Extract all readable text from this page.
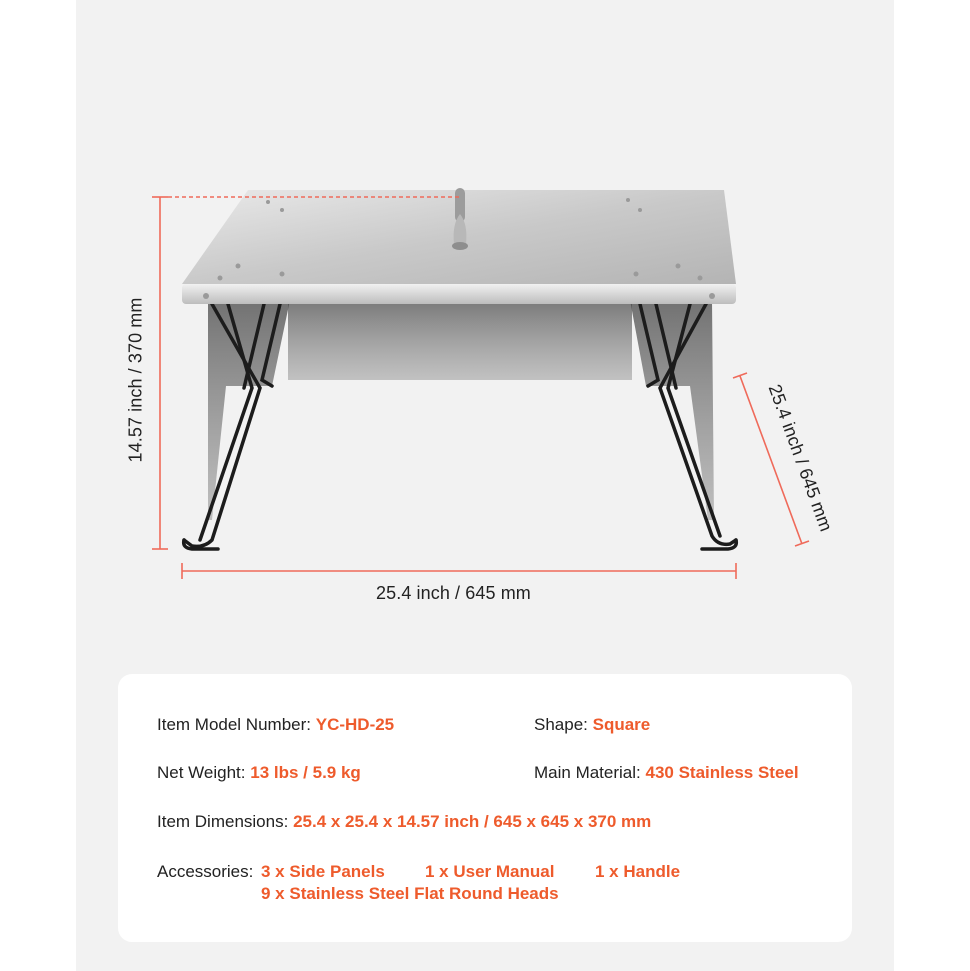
25.4 inch / 645 mm
14.57 inch / 370 mm	25.4 inch / 645 mm
Item Model Number: YC-HD-25	Shape: Square
Net Weight: 13 lbs / 5.9 kg	Main Material: 430 Stainless Steel
Item Dimensions: 25.4 x 25.4 x 14.57 inch / 645 x 645 x 370 mm
Accessories: 3 x Side Panels 1 x User Manual 1 x Handle
9 x Stainless Steel Flat Round Heads
